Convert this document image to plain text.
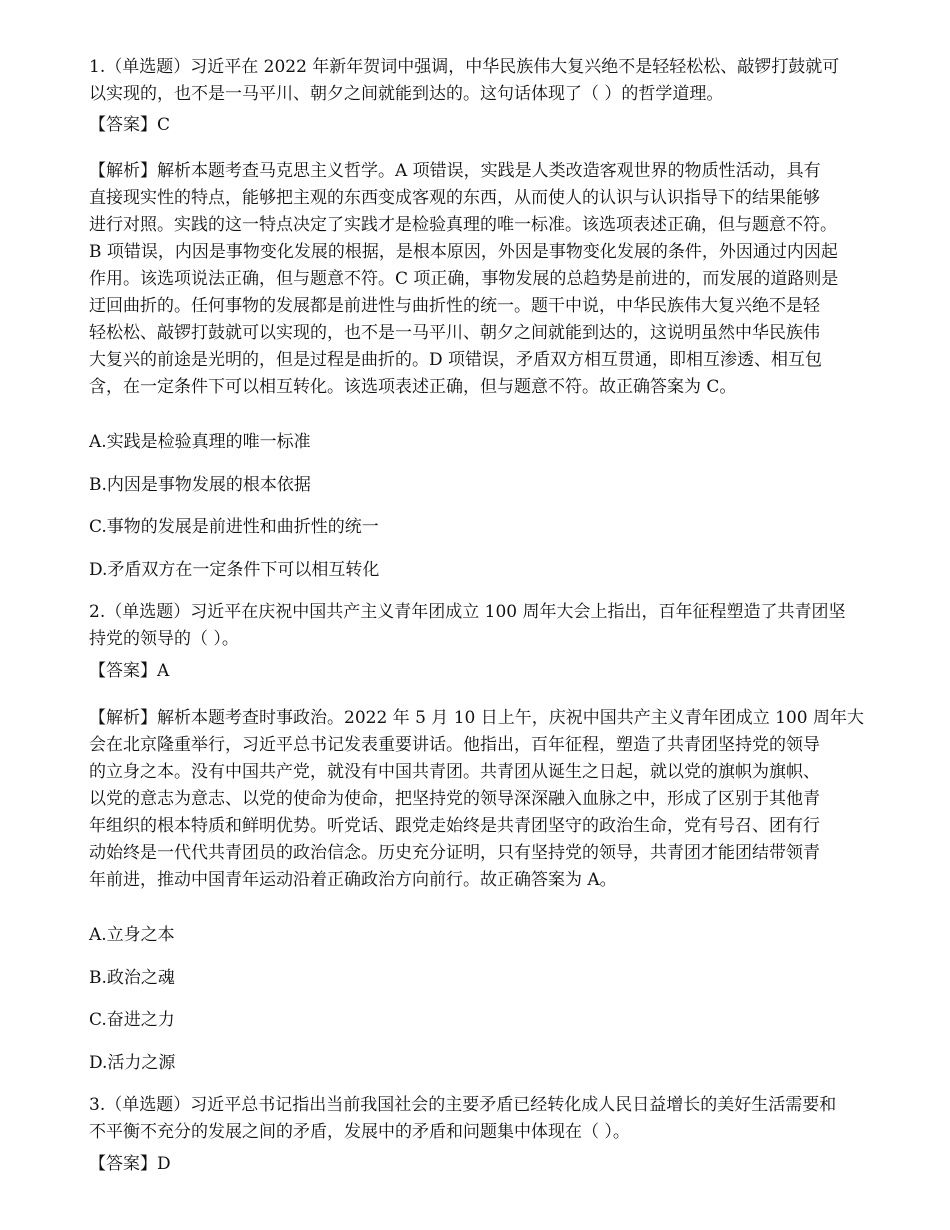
1.（单选题）习近平在 2022 年新年贺词中强调，中华民族伟大复兴绝不是轻轻松松、敲锣打鼓就可
以实现的，也不是一马平川、朝夕之间就能到达的。这句话体现了（ ）的哲学道理。
【答案】C
【解析】解析本题考查马克思主义哲学。A 项错误，实践是人类改造客观世界的物质性活动，具有
直接现实性的特点，能够把主观的东西变成客观的东西，从而使人的认识与认识指导下的结果能够
进行对照。实践的这一特点决定了实践才是检验真理的唯一标准。该选项表述正确，但与题意不符。
B 项错误，内因是事物变化发展的根据，是根本原因，外因是事物变化发展的条件，外因通过内因起
作用。该选项说法正确，但与题意不符。C 项正确，事物发展的总趋势是前进的，而发展的道路则是
迂回曲折的。任何事物的发展都是前进性与曲折性的统一。题干中说，中华民族伟大复兴绝不是轻
轻松松、敲锣打鼓就可以实现的，也不是一马平川、朝夕之间就能到达的，这说明虽然中华民族伟
大复兴的前途是光明的，但是过程是曲折的。D 项错误，矛盾双方相互贯通，即相互渗透、相互包
含，在一定条件下可以相互转化。该选项表述正确，但与题意不符。故正确答案为 C。
A.实践是检验真理的唯一标准
B.内因是事物发展的根本依据
C.事物的发展是前进性和曲折性的统一
D.矛盾双方在一定条件下可以相互转化
2.（单选题）习近平在庆祝中国共产主义青年团成立 100 周年大会上指出，百年征程塑造了共青团坚
持党的领导的（ ）。
【答案】A
【解析】解析本题考查时事政治。2022 年 5 月 10 日上午，庆祝中国共产主义青年团成立 100 周年大
会在北京隆重举行，习近平总书记发表重要讲话。他指出，百年征程，塑造了共青团坚持党的领导
的立身之本。没有中国共产党，就没有中国共青团。共青团从诞生之日起，就以党的旗帜为旗帜、
以党的意志为意志、以党的使命为使命，把坚持党的领导深深融入血脉之中，形成了区别于其他青
年组织的根本特质和鲜明优势。听党话、跟党走始终是共青团坚守的政治生命，党有号召、团有行
动始终是一代代共青团员的政治信念。历史充分证明，只有坚持党的领导，共青团才能团结带领青
年前进，推动中国青年运动沿着正确政治方向前行。故正确答案为 A。
A.立身之本
B.政治之魂
C.奋进之力
D.活力之源
3.（单选题）习近平总书记指出当前我国社会的主要矛盾已经转化成人民日益增长的美好生活需要和
不平衡不充分的发展之间的矛盾，发展中的矛盾和问题集中体现在（ ）。
【答案】D
